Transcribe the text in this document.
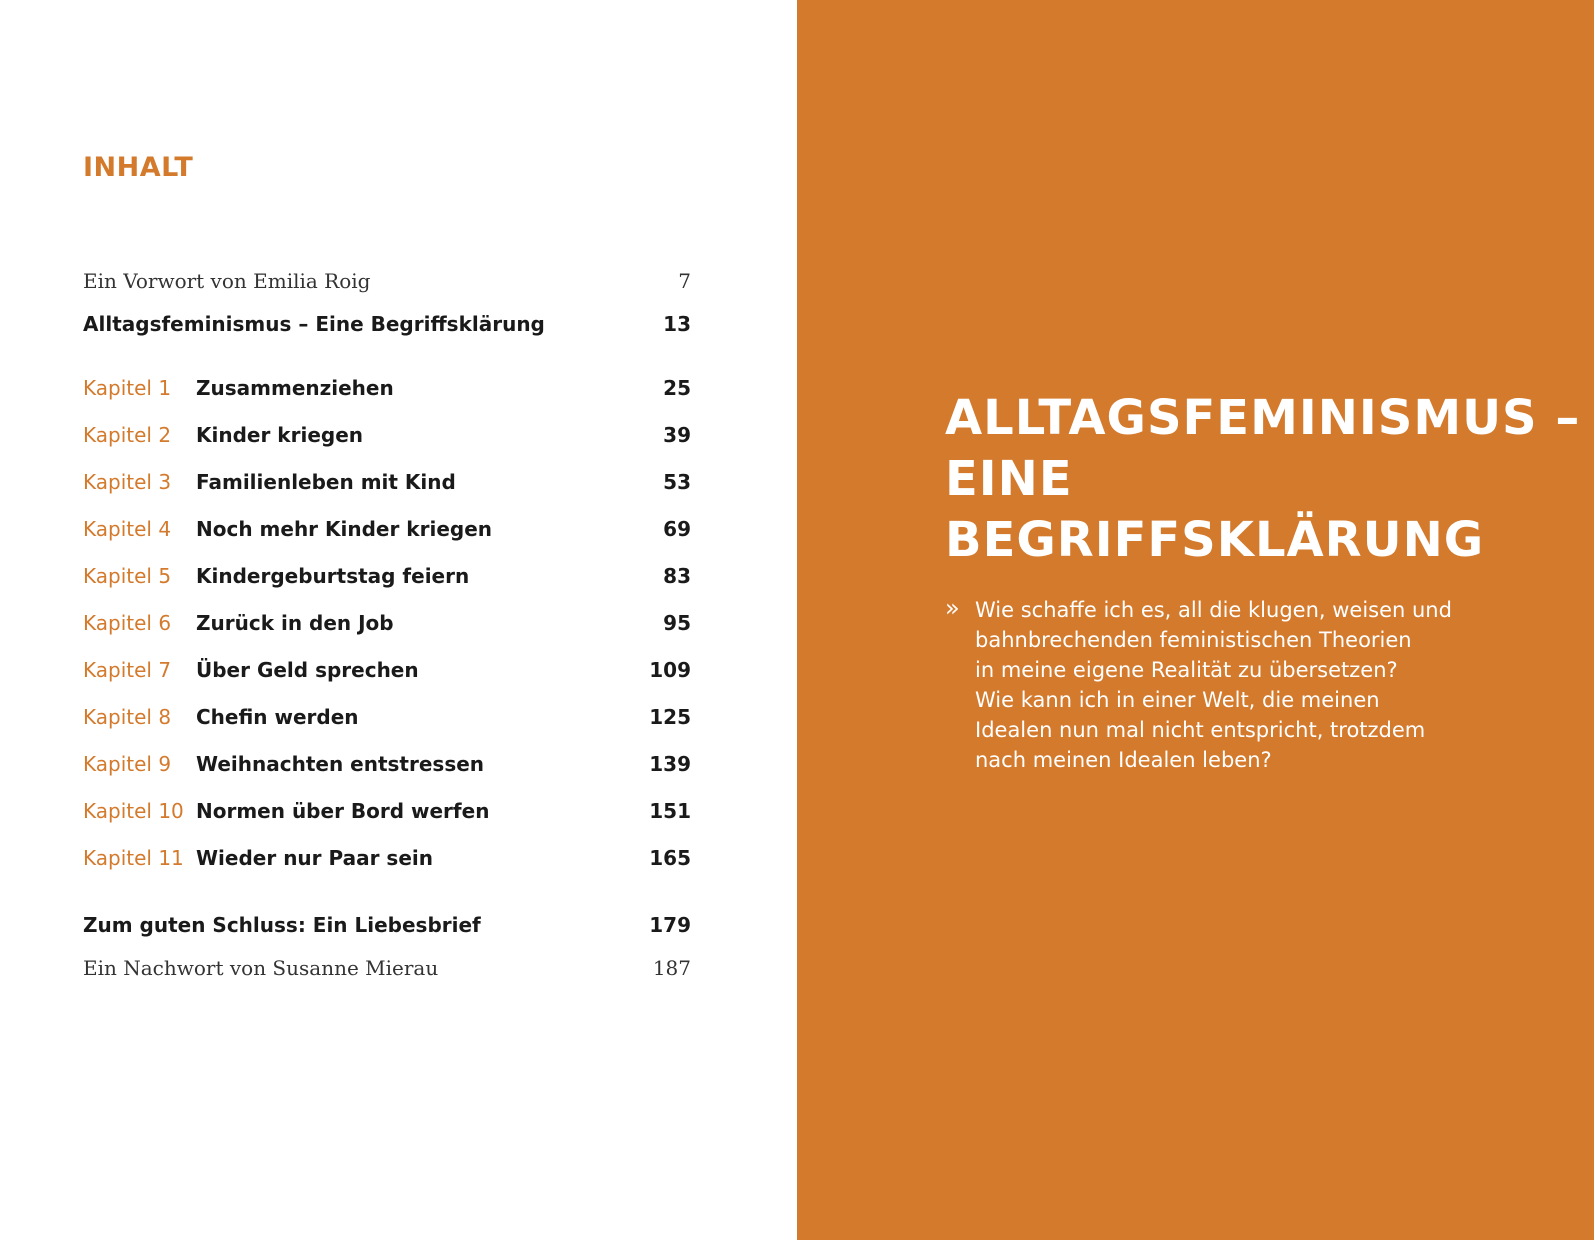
INHALT
Ein Vorwort von Emilia Roig	7
Alltagsfeminismus – Eine Begriffsklärung	13
Kapitel 1	Zusammenziehen	25
Kapitel 2	Kinder kriegen	39
Kapitel 3	Familienleben mit Kind	53
Kapitel 4	Noch mehr Kinder kriegen	69
Kapitel 5	Kindergeburtstag feiern	83
Kapitel 6	Zurück in den Job	95
Kapitel 7	Über Geld sprechen	109
Kapitel 8	Chefin werden	125
Kapitel 9	Weihnachten entstressen	139
Kapitel 10 Normen über Bord werfen	151
Kapitel 11 Wieder nur Paar sein	165
Zum guten Schluss: Ein Liebesbrief	179
Ein Nachwort von Susanne Mierau	187
ALLTAGSFEMINISMUS –
EINE
BEGRIFFSKLÄRUNG
» Wie schaffe ich es, all die klugen, weisen und
bahnbrechenden feministischen Theorien
in meine eigene Realität zu übersetzen?
Wie kann ich in einer Welt, die meinen
Idealen nun mal nicht entspricht, trotzdem
nach meinen Idealen leben?
